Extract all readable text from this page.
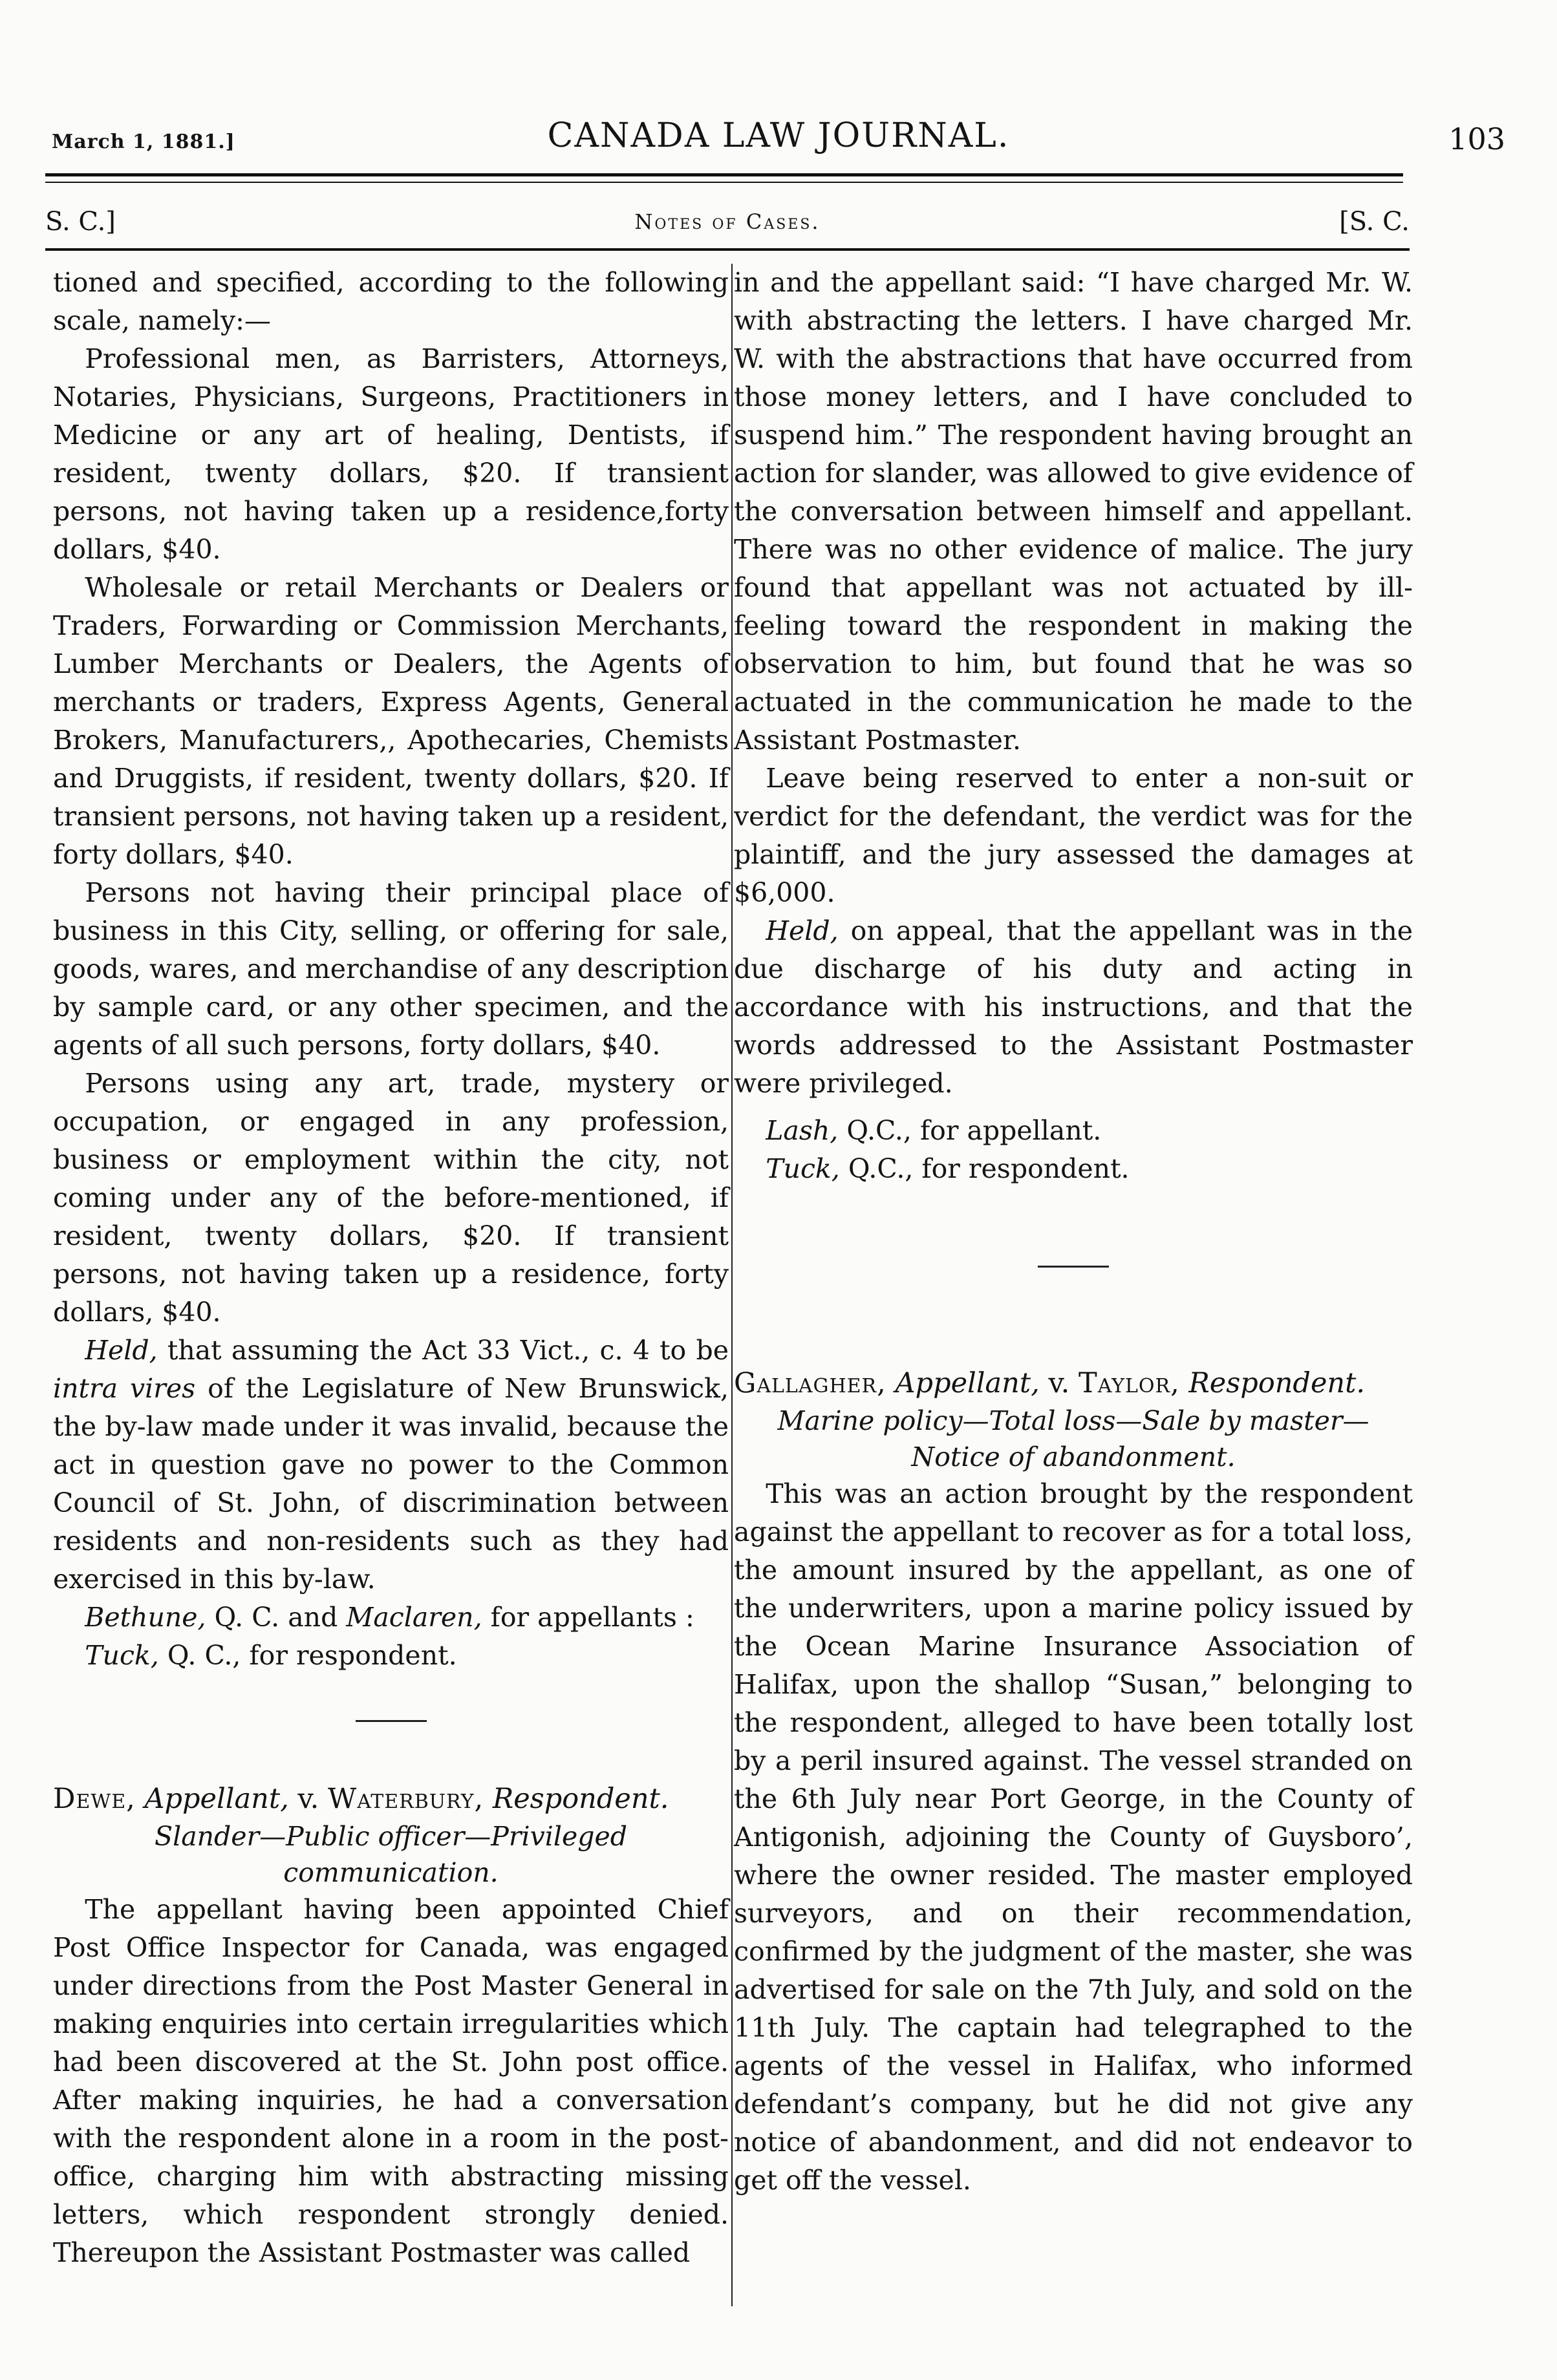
March 1, 1881.]	CANADA LAW JOURNAL.	103
S. C.]	Notes of Cases.	[S. C.

tioned and specified, according to the following scale, namely:—

Professional men, as Barristers, Attorneys, Notaries, Physicians, Surgeons, Practitioners in Medicine or any art of healing, Dentists, if resident, twenty dollars, $20. If transient persons, not having taken up a residence,forty dollars, $40.

Wholesale or retail Merchants or Dealers or Traders, Forwarding or Commission Merchants, Lumber Merchants or Dealers, the Agents of merchants or traders, Express Agents, General Brokers, Manufacturers,, Apothecaries, Chemists and Druggists, if resident, twenty dollars, $20. If transient persons, not having taken up a resident, forty dollars, $40.

Persons not having their principal place of business in this City, selling, or offering for sale, goods, wares, and merchandise of any description by sample card, or any other specimen, and the agents of all such persons, forty dollars, $40.

Persons using any art, trade, mystery or occupation, or engaged in any profession, business or employment within the city, not coming under any of the before-mentioned, if resident, twenty dollars, $20. If transient persons, not having taken up a residence, forty dollars, $40.

Held, that assuming the Act 33 Vict., c. 4 to be intra vires of the Legislature of New Brunswick, the by-law made under it was invalid, because the act in question gave no power to the Common Council of St. John, of discrimination between residents and non-residents such as they had exercised in this by-law.

Bethune, Q. C. and Maclaren, for appellants :

Tuck, Q. C., for respondent.

Dewe, Appellant, v. Waterbury, Respondent.

Slander—Public officer—Privileged communication.

The appellant having been appointed Chief Post Office Inspector for Canada, was engaged under directions from the Post Master General in making enquiries into certain irregularities which had been discovered at the St. John post office. After making inquiries, he had a conversation with the respondent alone in a room in the post-office, charging him with abstracting missing letters, which respondent strongly denied. Thereupon the Assistant Postmaster was called

in and the appellant said: “I have charged Mr. W. with abstracting the letters. I have charged Mr. W. with the abstractions that have occurred from those money letters, and I have concluded to suspend him.” The respondent having brought an action for slander, was allowed to give evidence of the conversation between himself and appellant. There was no other evidence of malice. The jury found that appellant was not actuated by ill-feeling toward the respondent in making the observation to him, but found that he was so actuated in the communication he made to the Assistant Postmaster.

Leave being reserved to enter a non-suit or verdict for the defendant, the verdict was for the plaintiff, and the jury assessed the damages at $6,000.

Held, on appeal, that the appellant was in the due discharge of his duty and acting in accordance with his instructions, and that the words addressed to the Assistant Postmaster were privileged.

Lash, Q.C., for appellant.

Tuck, Q.C., for respondent.

Gallagher, Appellant, v. Taylor, Respondent.

Marine policy—Total loss—Sale by master—
Notice of abandonment.

This was an action brought by the respondent against the appellant to recover as for a total loss, the amount insured by the appellant, as one of the underwriters, upon a marine policy issued by the Ocean Marine Insurance Association of Halifax, upon the shallop “Susan,” belonging to the respondent, alleged to have been totally lost by a peril insured against. The vessel stranded on the 6th July near Port George, in the County of Antigonish, adjoining the County of Guysboro’, where the owner resided. The master employed surveyors, and on their recommendation, confirmed by the judgment of the master, she was advertised for sale on the 7th July, and sold on the 11th July. The captain had telegraphed to the agents of the vessel in Halifax, who informed defendant’s company, but he did not give any notice of abandonment, and did not endeavor to get off the vessel.
